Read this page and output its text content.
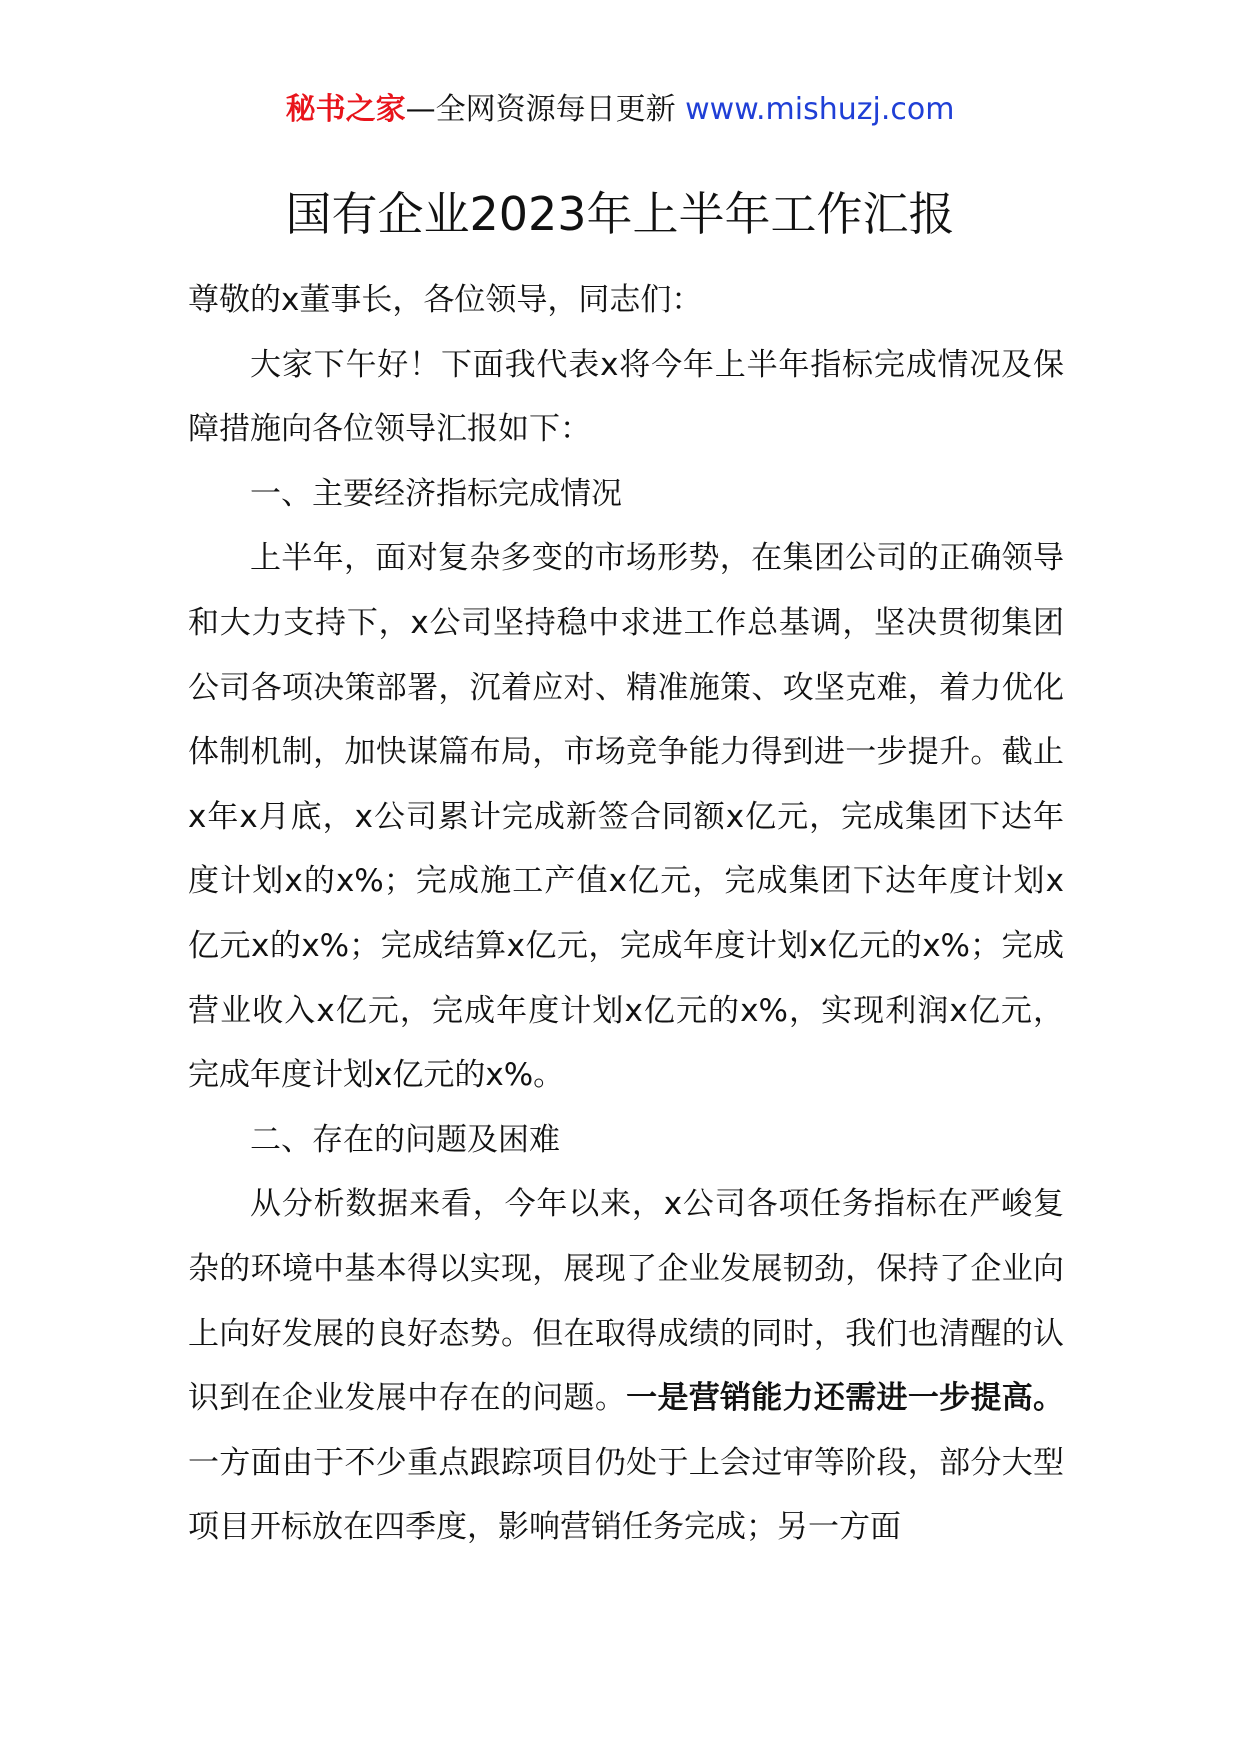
秘书之家—全网资源每日更新 www.mishuzj.com
国有企业2023年上半年工作汇报

尊敬的x董事长，各位领导，同志们：

大家下午好！下面我代表x将今年上半年指标完成情况及保障措施向各位领导汇报如下：

一、主要经济指标完成情况

上半年，面对复杂多变的市场形势，在集团公司的正确领导和大力支持下，x公司坚持稳中求进工作总基调，坚决贯彻集团公司各项决策部署，沉着应对、精准施策、攻坚克难，着力优化体制机制，加快谋篇布局，市场竞争能力得到进一步提升。截止x年x月底，x公司累计完成新签合同额x亿元，完成集团下达年度计划x的x%；完成施工产值x亿元，完成集团下达年度计划x亿元x的x%；完成结算x亿元，完成年度计划x亿元的x%；完成营业收入x亿元，完成年度计划x亿元的x%，实现利润x亿元，完成年度计划x亿元的x%。

二、存在的问题及困难

从分析数据来看，今年以来，x公司各项任务指标在严峻复杂的环境中基本得以实现，展现了企业发展韧劲，保持了企业向上向好发展的良好态势。但在取得成绩的同时，我们也清醒的认识到在企业发展中存在的问题。一是营销能力还需进一步提高。一方面由于不少重点跟踪项目仍处于上会过审等阶段，部分大型项目开标放在四季度，影响营销任务完成；另一方面
